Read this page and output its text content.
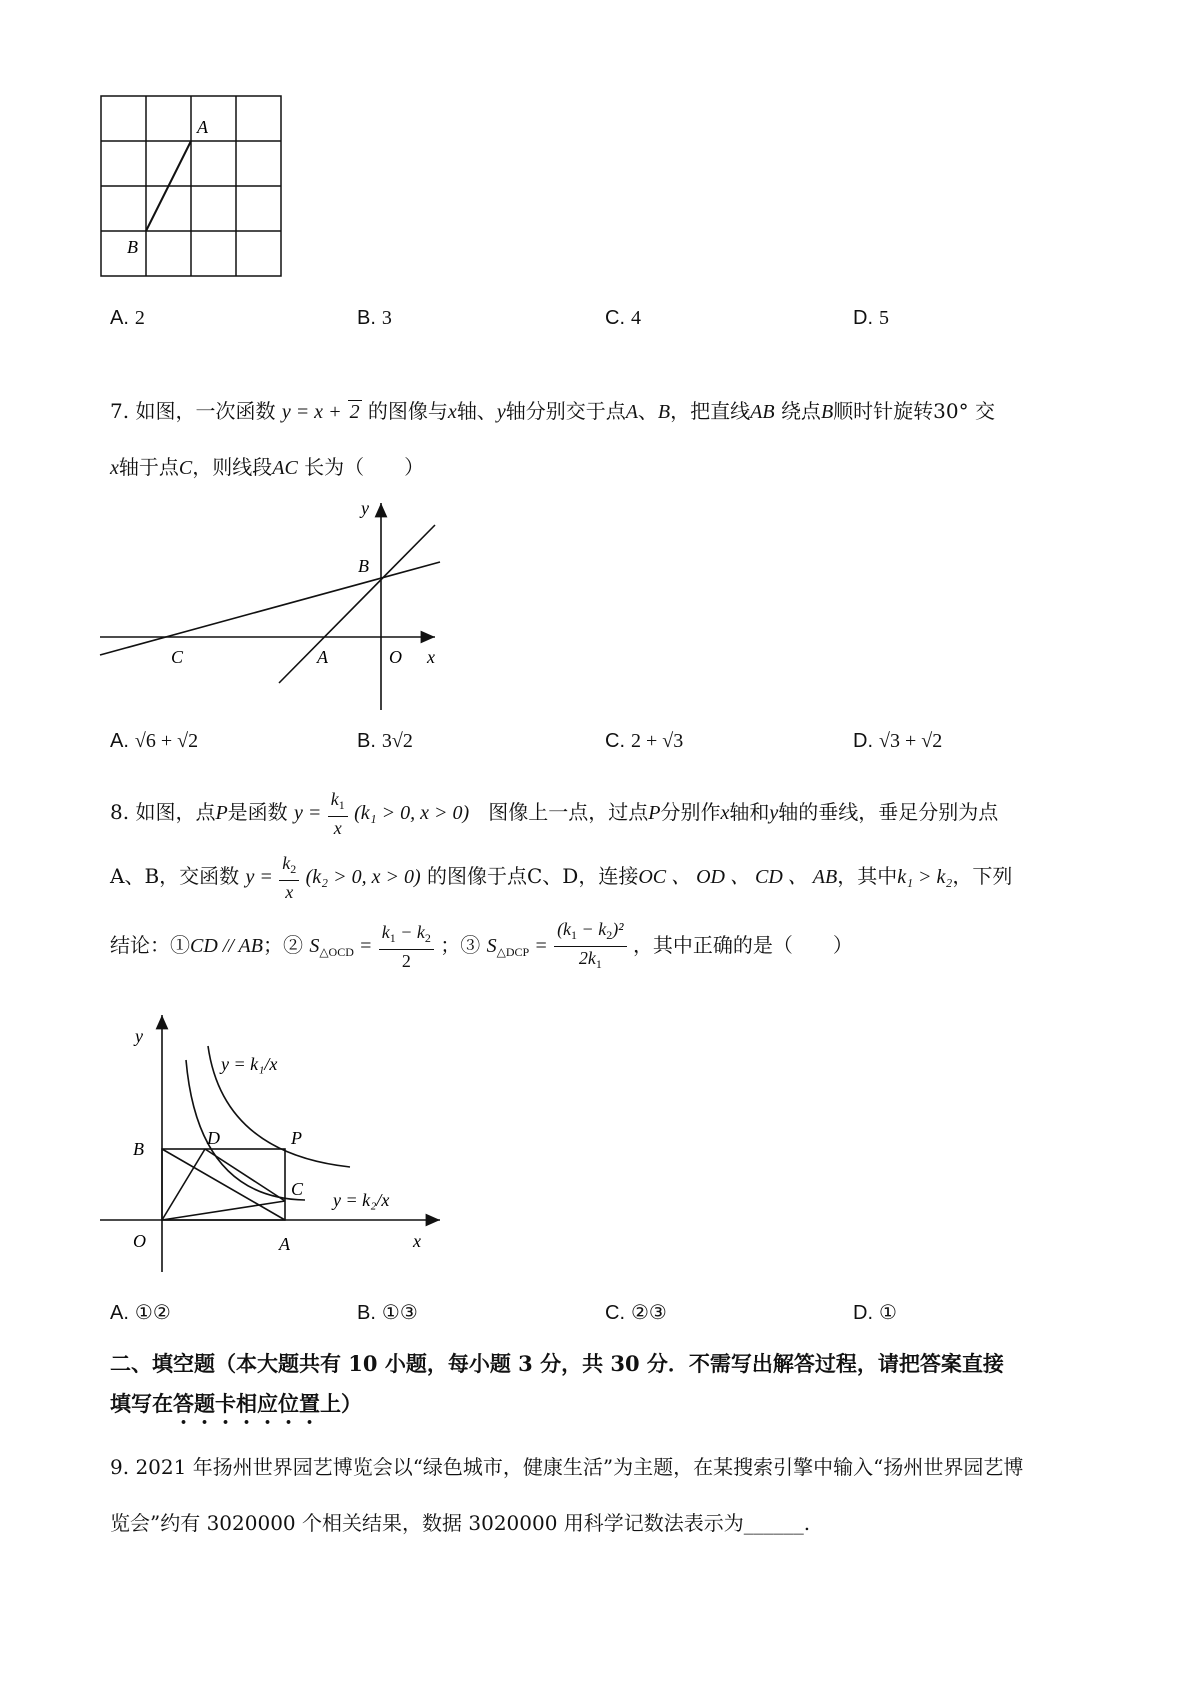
A
B
A. 2	B. 3	C. 4	D. 5
7. 如图，一次函数 y = x + 2 的图像与x轴、y轴分别交于点A、B，把直线AB 绕点B顺时针旋转30° 交
x轴于点C，则线段AC 长为（　　）
y
B
C	A	O x
A. √6 + √2	B. 3√2	C. 2 + √3	D. √3 + √2
8. 如图，点P是函数 $y = \frac{k_1}{x} (k_1 > 0$, x > 0) 图像上一点，过点P分别作x轴和y轴的垂线，垂足分别为点
A、B，交函数 $y = \frac{k_2}{x} (k_2 > 0$, x > 0) 的图像于点C、D，连接OC 、 OD 、 CD 、 AB，其中k₁ > k₂，下列
结论：①CD // AB；② $S_{\triangle OCD} = \frac{k_1 - k_2}{2}$ ；③ $S_{\triangle DCP} = \frac{(k_1 - k_2)^2}{2k_1}$ ，其中正确的是（　　）
y
y = k₁/x
D	P
B
C
y = k₂/x
O	A	x
A. ①②	B. ①③	C. ②③	D. ①
二、填空题（本大题共有 10 小题，每小题 3 分，共 30 分．不需写出解答过程，请把答案直接
填写在答题卡相应位置上）
9. 2021 年扬州世界园艺博览会以“绿色城市，健康生活”为主题，在某搜索引擎中输入“扬州世界园艺博
览会”约有 3020000 个相关结果，数据 3020000 用科学记数法表示为______.
